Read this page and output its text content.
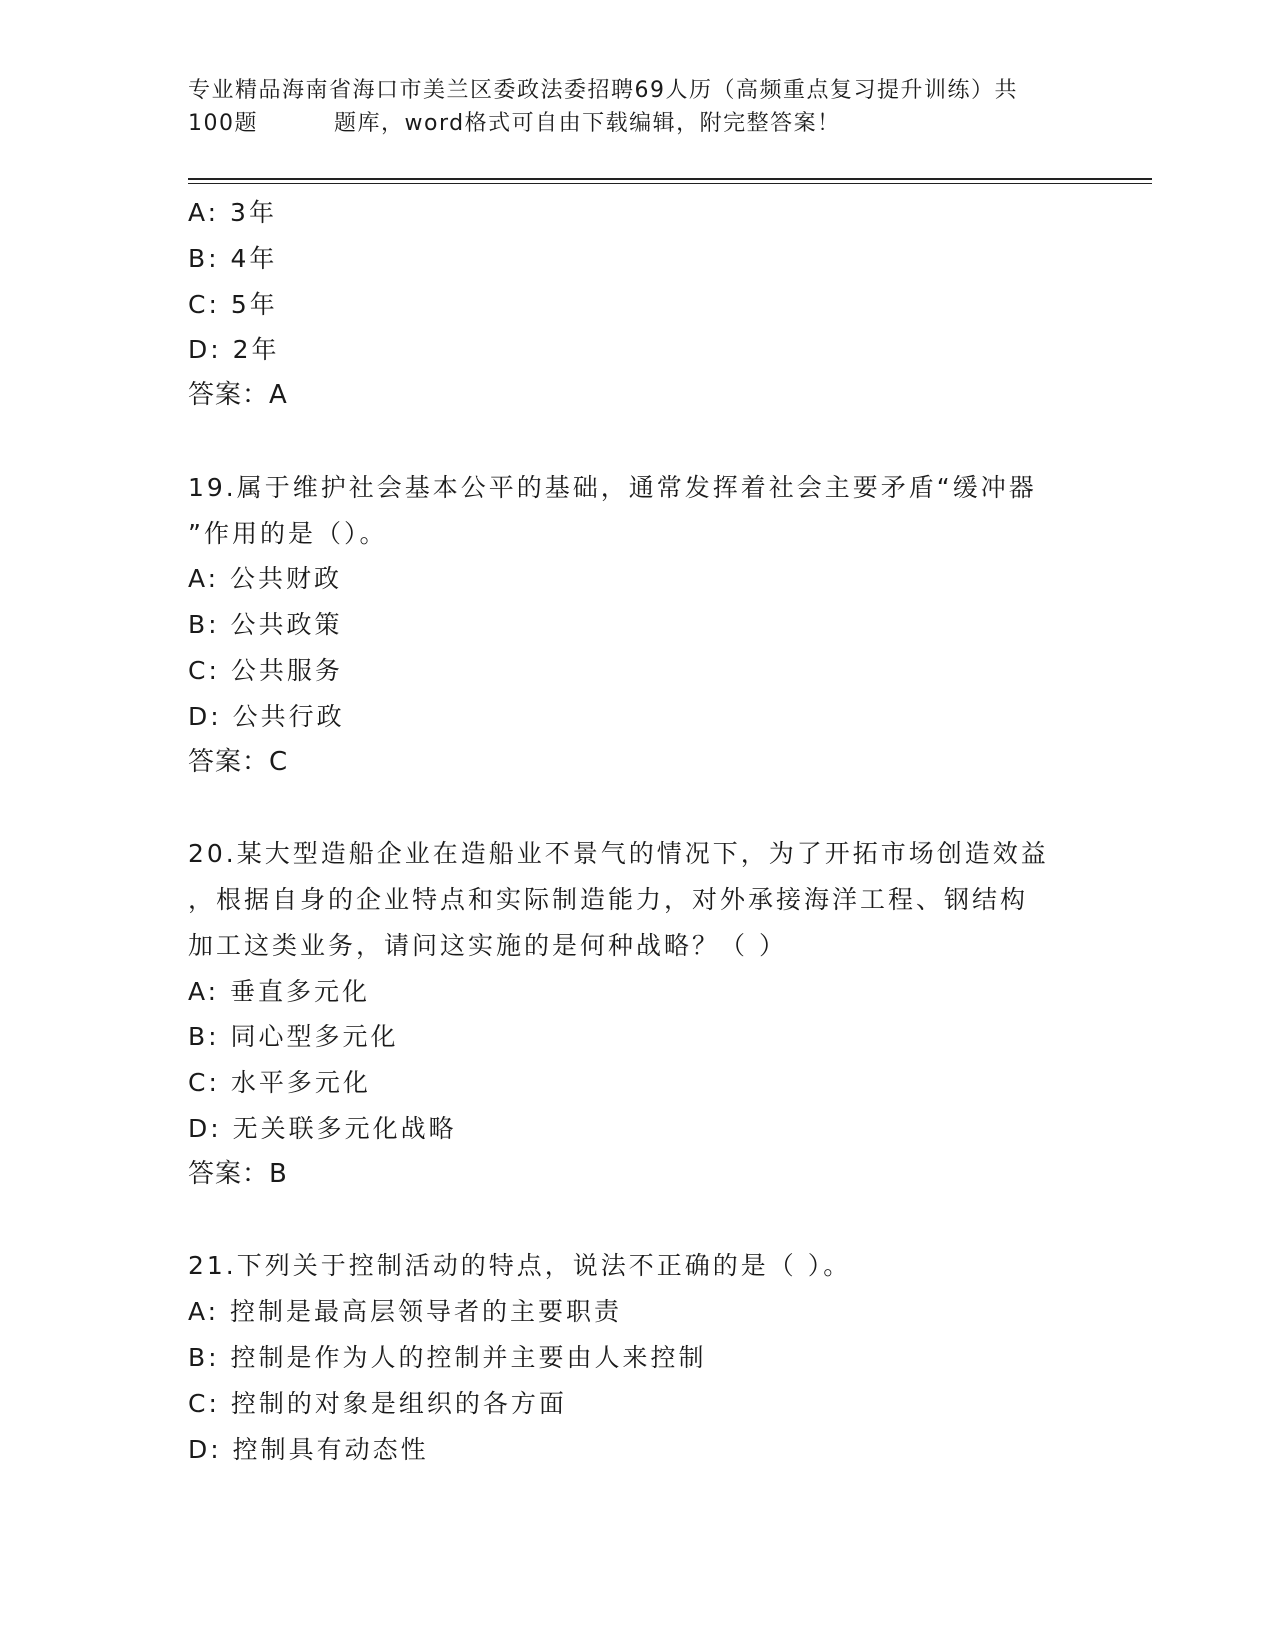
专业精品海南省海口市美兰区委政法委招聘69人历（高频重点复习提升训练）共
100题	题库，word格式可自由下载编辑，附完整答案！
A: 3年
B: 4年
C: 5年
D: 2年
答案：A
19.属于维护社会基本公平的基础，通常发挥着社会主要矛盾“缓冲器
”作用的是（）。
A: 公共财政
B: 公共政策
C: 公共服务
D: 公共行政
答案：C
20.某大型造船企业在造船业不景气的情况下，为了开拓市场创造效益
，根据自身的企业特点和实际制造能力，对外承接海洋工程、钢结构
加工这类业务，请问这实施的是何种战略？（ ）
A: 垂直多元化
B: 同心型多元化
C: 水平多元化
D: 无关联多元化战略
答案：B
21.下列关于控制活动的特点，说法不正确的是（ ）。
A: 控制是最高层领导者的主要职责
B: 控制是作为人的控制并主要由人来控制
C: 控制的对象是组织的各方面
D: 控制具有动态性
